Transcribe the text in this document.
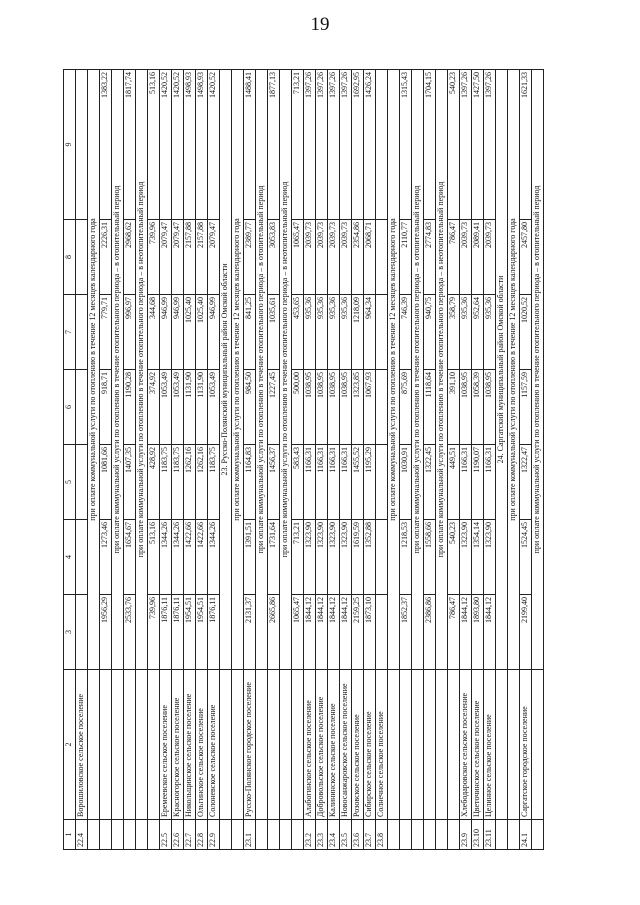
19
1	2	3	4	5	6	7	8	9
22.4	Ворошиловское сельское поселение							
		при оплате коммунальной услуги по отоплению в течение 12 месяцев календарного года						
		1956,29	1273,46	1081,66	918,71	779,71	2226,31	1383,22
		при оплате коммунальной услуги по отоплению в течение отопительного периода – в отопительный период						
		2533,76	1654,67	1407,35	1190,28	996,97	2968,62	1817,74
		при оплате коммунальной услуги по отоплению в течение отопительного периода – в неотопительный период						
		739,96	513,16	428,92	374,92	344,68	739,96	513,16
22.5	Еремеевское сельское поселение	1876,11	1344,26	1183,75	1053,49	946,99	2079,47	1420,52
22.6	Красногорское сельское поселение	1876,11	1344,26	1183,75	1053,49	946,99	2079,47	1420,52
22.7	Никольщинское сельское поселение	1954,51	1422,66	1262,16	1131,90	1025,40	2157,88	1498,93
22.8	Ольгинское сельское поселение	1954,51	1422,66	1262,16	1131,90	1025,40	2157,88	1498,93
22.9	Солоневское сельское поселение	1876,11	1344,26	1183,75	1053,49	946,99	2079,47	1420,52
		23. Русско-Полянский муниципальный район Омской области						
		при оплате коммунальной услуги по отоплению в течение 12 месяцев календарного года						
23.1	Русско-Полянское городское поселение	2131,37	1391,51	1164,83	984,50	841,25	2389,77	1488,41
		при оплате коммунальной услуги по отоплению в течение отопительного периода – в отопительный период						
		2665,86	1731,64	1456,37	1227,45	1035,61	3053,83	1877,13
		при оплате коммунальной услуги по отоплению в течение отопительного периода – в неотопительный период						
		1065,47	713,21	583,43	500,00	453,65	1065,47	713,21
23.2	Алабогинское сельское поселение	1844,12	1323,90	1166,31	1038,95	935,36	2039,73	1397,26
23.3	Добровольское сельское поселение	1844,12	1323,90	1166,31	1038,95	935,36	2039,73	1397,26
23.4	Калининское сельское поселение	1844,12	1323,90	1166,31	1038,95	935,36	2039,73	1397,26
23.5	Новосанжаровское сельское поселение	1844,12	1323,90	1166,31	1038,95	935,36	2039,73	1397,26
23.6	Розовское сельское поселение	2159,25	1619,59	1455,52	1323,85	1218,09	2354,86	1692,95
23.7	Сибирское сельское поселение	1873,10	1352,88	1195,29	1067,93	964,34	2068,71	1426,24
23.8	Солнечное сельское поселение							
		при оплате коммунальной услуги по отоплению в течение 12 месяцев календарного года						
		1852,37	1218,53	1030,91	875,69	746,39	2110,77	1315,43
		при оплате коммунальной услуги по отоплению в течение отопительного периода – в отопительный период						
		2386,86	1558,66	1322,45	1118,64	940,75	2774,83	1704,15
		при оплате коммунальной услуги по отоплению в течение отопительного периода – в неотопительный период						
		786,47	540,23	449,51	391,10	358,79	786,47	540,23
23.9	Хлебодаровское сельское поселение	1844,12	1323,90	1166,31	1038,95	935,36	2039,73	1397,26
23.10	Цветочинское сельское поселение	1893,80	1354,14	1190,07	1058,39	952,64	2089,41	1427,50
23.11	Целинное сельское поселение	1844,12	1323,90	1166,31	1038,95	935,36	2039,73	1397,26
		24. Саргатский муниципальный район Омской области						
		при оплате коммунальной услуги по отоплению в течение 12 месяцев календарного года						
24.1	Саргатское городское поселение	2199,40	1524,45	1322,47	1157,59	1020,52	2457,80	1621,33
		при оплате коммунальной услуги по отоплению в течение отопительного периода – в отопительный период						
